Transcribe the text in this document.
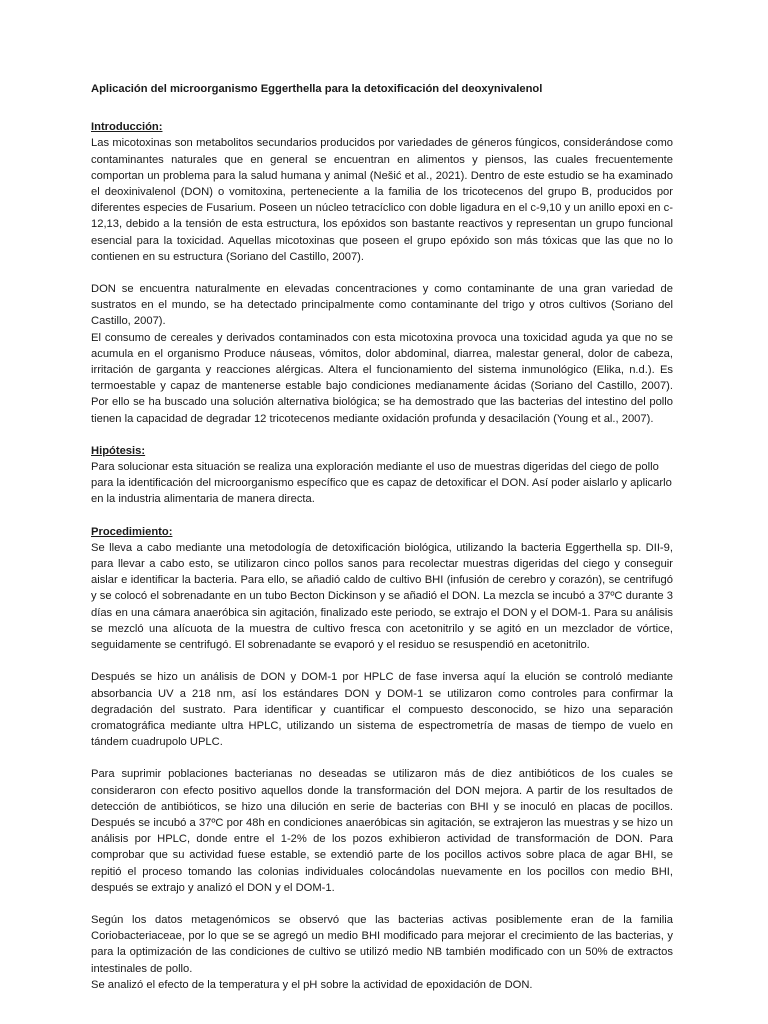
Aplicación del microorganismo Eggerthella para la detoxificación del deoxynivalenol
Introducción:

Las micotoxinas son metabolitos secundarios producidos por variedades de géneros fúngicos, considerándose como contaminantes naturales que en general se encuentran en alimentos y piensos, las cuales frecuentemente comportan un problema para la salud humana y animal (Nešić et al., 2021). Dentro de este estudio se ha examinado el deoxinivalenol (DON) o vomitoxina, perteneciente a la familia de los tricotecenos del grupo B, producidos por diferentes especies de Fusarium. Poseen un núcleo tetracíclico con doble ligadura en el c-9,10 y un anillo epoxi en c-12,13, debido a la tensión de esta estructura, los epóxidos son bastante reactivos y representan un grupo funcional esencial para la toxicidad. Aquellas micotoxinas que poseen el grupo epóxido son más tóxicas que las que no lo contienen en su estructura (Soriano del Castillo, 2007).

DON se encuentra naturalmente en elevadas concentraciones y como contaminante de una gran variedad de sustratos en el mundo, se ha detectado principalmente como contaminante del trigo y otros cultivos (Soriano del Castillo, 2007).

El consumo de cereales y derivados contaminados con esta micotoxina provoca una toxicidad aguda ya que no se acumula en el organismo Produce náuseas, vómitos, dolor abdominal, diarrea, malestar general, dolor de cabeza, irritación de garganta y reacciones alérgicas. Altera el funcionamiento del sistema inmunológico (Elika, n.d.). Es termoestable y capaz de mantenerse estable bajo condiciones medianamente ácidas (Soriano del Castillo, 2007). Por ello se ha buscado una solución alternativa biológica; se ha demostrado que las bacterias del intestino del pollo tienen la capacidad de degradar 12 tricotecenos mediante oxidación profunda y desacilación (Young et al., 2007).

Hipótesis:

Para solucionar esta situación se realiza una exploración mediante el uso de muestras digeridas del ciego de pollo para la identificación del microorganismo específico que es capaz de detoxificar el DON. Así poder aislarlo y aplicarlo en la industria alimentaria de manera directa.

Procedimiento:

Se lleva a cabo mediante una metodología de detoxificación biológica, utilizando la bacteria Eggerthella sp. DII-9, para llevar a cabo esto, se utilizaron cinco pollos sanos para recolectar muestras digeridas del ciego y conseguir aislar e identificar la bacteria. Para ello, se añadió caldo de cultivo BHI (infusión de cerebro y corazón), se centrifugó y se colocó el sobrenadante en un tubo Becton Dickinson y se añadió el DON. La mezcla se incubó a 37ºC durante 3 días en una cámara anaeróbica sin agitación, finalizado este periodo, se extrajo el DON y el DOM-1. Para su análisis se mezcló una alícuota de la muestra de cultivo fresca con acetonitrilo y se agitó en un mezclador de vórtice, seguidamente se centrifugó. El sobrenadante se evaporó y el residuo se resuspendió en acetonitrilo.

Después se hizo un análisis de DON y DOM-1 por HPLC de fase inversa aquí la elución se controló mediante absorbancia UV a 218 nm, así los estándares DON y DOM-1 se utilizaron como controles para confirmar la degradación del sustrato. Para identificar y cuantificar el compuesto desconocido, se hizo una separación cromatográfica mediante ultra HPLC, utilizando un sistema de espectrometría de masas de tiempo de vuelo en tándem cuadrupolo UPLC.

Para suprimir poblaciones bacterianas no deseadas se utilizaron más de diez antibióticos de los cuales se consideraron con efecto positivo aquellos donde la transformación del DON mejora. A partir de los resultados de detección de antibióticos, se hizo una dilución en serie de bacterias con BHI y se inoculó en placas de pocillos. Después se incubó a 37ºC por 48h en condiciones anaeróbicas sin agitación, se extrajeron las muestras y se hizo un análisis por HPLC, donde entre el 1-2% de los pozos exhibieron actividad de transformación de DON. Para comprobar que su actividad fuese estable, se extendió parte de los pocillos activos sobre placa de agar BHI, se repitió el proceso tomando las colonias individuales colocándolas nuevamente en los pocillos con medio BHI, después se extrajo y analizó el DON y el DOM-1.

Según los datos metagenómicos se observó que las bacterias activas posiblemente eran de la familia Coriobacteriaceae, por lo que se se agregó un medio BHI modificado para mejorar el crecimiento de las bacterias, y para la optimización de las condiciones de cultivo se utilizó medio NB también modificado con un 50% de extractos intestinales de pollo.

Se analizó el efecto de la temperatura y el pH sobre la actividad de epoxidación de DON.
